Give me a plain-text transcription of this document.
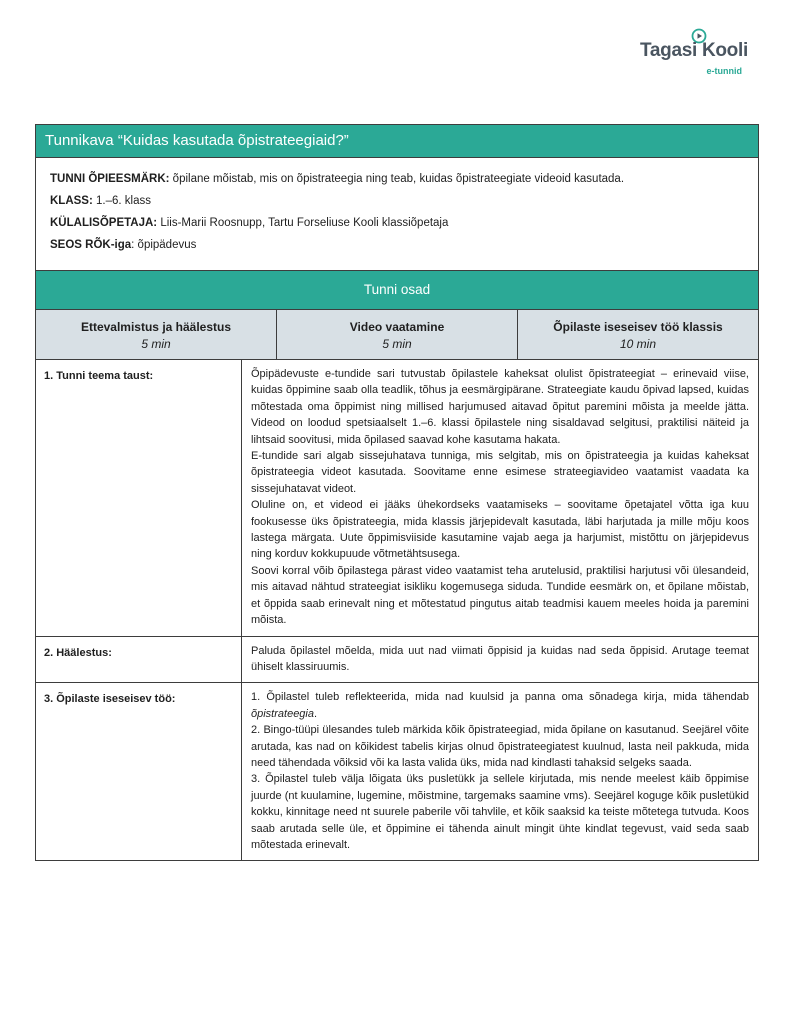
Tagasi Kooli
e-tunnid
Tunnikava “Kuidas kasutada õpistrateegiaid?”
TUNNI ÕPIEESMÄRK: õpilane mõistab, mis on õpistrateegia ning teab, kuidas õpistrateegiate videoid kasutada.
KLASS: 1.–6. klass
KÜLALISÕPETAJA: Liis-Marii Roosnupp, Tartu Forseliuse Kooli klassiõpetaja
SEOS RÕK-iga: õpipädevus
Tunni osad
Ettevalmistus ja häälestus
5 min
Video vaatamine
5 min
Õpilaste iseseisev töö klassis
10 min
1. Tunni teema taust:	Õpipädevuste e-tundide sari tutvustab õpilastele kaheksat olulist õpistrateegiat – erinevaid viise, kuidas õppimine saab olla teadlik, tõhus ja eesmärgipärane. Strateegiate kaudu õpivad lapsed, kuidas mõtestada oma õppimist ning millised harjumused aitavad õpitut paremini mõista ja meelde jätta. Videod on loodud spetsiaalselt 1.–6. klassi õpilastele ning sisaldavad selgitusi, praktilisi näiteid ja lihtsaid soovitusi, mida õpilased saavad kohe kasutama hakata.

E-tundide sari algab sissejuhatava tunniga, mis selgitab, mis on õpistrateegia ja kuidas kaheksat õpistrateegia videot kasutada. Soovitame enne esimese strateegiavideo vaatamist vaadata ka sissejuhatavat videot.

Oluline on, et videod ei jääks ühekordseks vaatamiseks – soovitame õpetajatel võtta iga kuu fookusesse üks õpistrateegia, mida klassis järjepidevalt kasutada, läbi harjutada ja mille mõju koos lastega märgata. Uute õppimisviiside kasutamine vajab aega ja harjumist, mistõttu on järjepidevus ning korduv kokkupuude võtmetähtsusega.

Soovi korral võib õpilastega pärast video vaatamist teha arutelusid, praktilisi harjutusi või ülesandeid, mis aitavad nähtud strateegiat isikliku kogemusega siduda. Tundide eesmärk on, et õpilane mõistab, et õppida saab erinevalt ning et mõtestatud pingutus aitab teadmisi kauem meeles hoida ja paremini mõista.

2. Häälestus:	Paluda õpilastel mõelda, mida uut nad viimati õppisid ja kuidas nad seda õppisid. Arutage teemat ühiselt klassiruumis.

3. Õpilaste iseseisev töö:	1. Õpilastel tuleb reflekteerida, mida nad kuulsid ja panna oma sõnadega kirja, mida tähendab õpistrateegia.

2. Bingo-tüüpi ülesandes tuleb märkida kõik õpistrateegiad, mida õpilane on kasutanud. Seejärel võite arutada, kas nad on kõikidest tabelis kirjas olnud õpistrateegiatest kuulnud, lasta neil pakkuda, mida need tähendada võiksid või ka lasta valida üks, mida nad kindlasti tahaksid selgeks saada.

3. Õpilastel tuleb välja lõigata üks pusletükk ja sellele kirjutada, mis nende meelest käib õppimise juurde (nt kuulamine, lugemine, mõistmine, targemaks saamine vms). Seejärel koguge kõik pusletükid kokku, kinnitage need nt suurele paberile või tahvlile, et kõik saaksid ka teiste mõtetega tutvuda. Koos saab arutada selle üle, et õppimine ei tähenda ainult mingit ühte kindlat tegevust, vaid seda saab mõtestada erinevalt.
